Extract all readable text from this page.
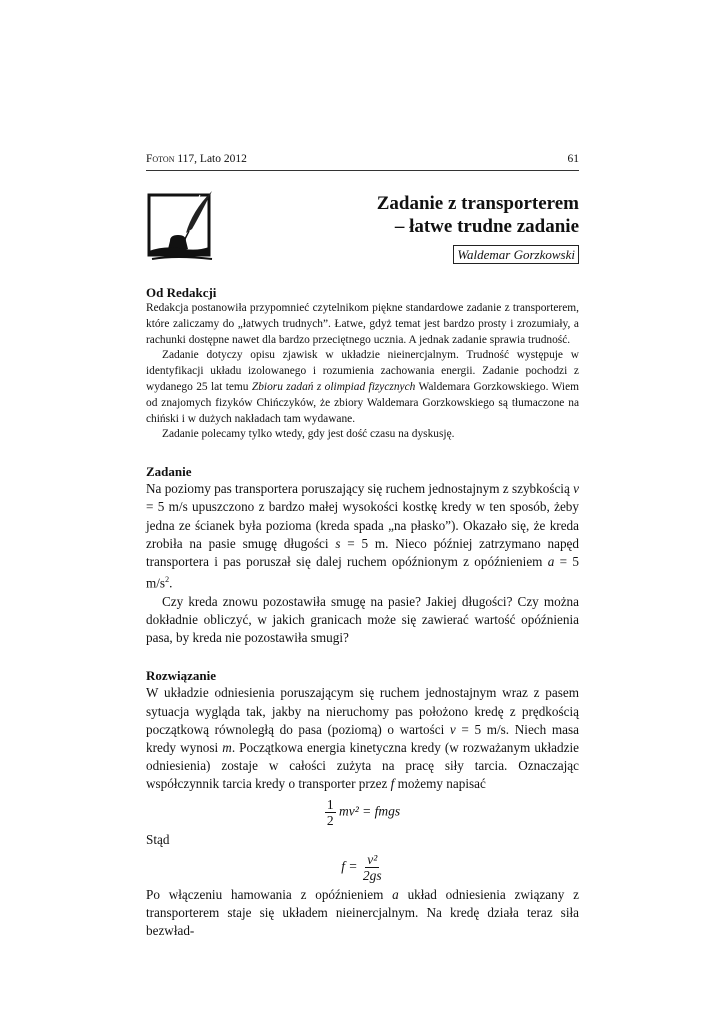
Foton 117, Lato 2012	61
Zadanie z transporterem
– łatwe trudne zadanie
Waldemar Gorzkowski

Od Redakcji

Redakcja postanowiła przypomnieć czytelnikom piękne standardowe zadanie z transporterem, które zaliczamy do „łatwych trudnych”. Łatwe, gdyż temat jest bardzo prosty i zrozumiały, a rachunki dostępne nawet dla bardzo przeciętnego ucznia. A jednak zadanie sprawia trudność.

Zadanie dotyczy opisu zjawisk w układzie nieinercjalnym. Trudność występuje w identyfikacji układu izolowanego i rozumienia zachowania energii. Zadanie pochodzi z wydanego 25 lat temu Zbioru zadań z olimpiad fizycznych Waldemara Gorzkowskiego. Wiem od znajomych fizyków Chińczyków, że zbiory Waldemara Gorzkowskiego są tłumaczone na chiński i w dużych nakładach tam wydawane.

Zadanie polecamy tylko wtedy, gdy jest dość czasu na dyskusję.

Zadanie

Na poziomy pas transportera poruszający się ruchem jednostajnym z szybkością v = 5 m/s upuszczono z bardzo małej wysokości kostkę kredy w ten sposób, żeby jedna ze ścianek była pozioma (kreda spada „na płasko”). Okazało się, że kreda zrobiła na pasie smugę długości s = 5 m. Nieco później zatrzymano napęd transportera i pas poruszał się dalej ruchem opóźnionym z opóźnieniem a = 5 $m/s^2$.

Czy kreda znowu pozostawiła smugę na pasie? Jakiej długości? Czy można dokładnie obliczyć, w jakich granicach może się zawierać wartość opóźnienia pasa, by kreda nie pozostawiła smugi?

Rozwiązanie

W układzie odniesienia poruszającym się ruchem jednostajnym wraz z pasem sytuacja wygląda tak, jakby na nieruchomy pas położono kredę z prędkością początkową równoległą do pasa (poziomą) o wartości v = 5 m/s. Niech masa kredy wynosi m. Początkowa energia kinetyczna kredy (w rozważanym układzie odniesienia) zostaje w całości zużyta na pracę siły tarcia. Oznaczając współczynnik tarcia kredy o transporter przez f możemy napisać

$\frac{1}{2} mv^2$ = fmgs

Stąd

$f = \frac{\text{v²}}{2gs}$

Po włączeniu hamowania z opóźnieniem a układ odniesienia związany z transporterem staje się układem nieinercjalnym. Na kredę działa teraz siła bezwład-
